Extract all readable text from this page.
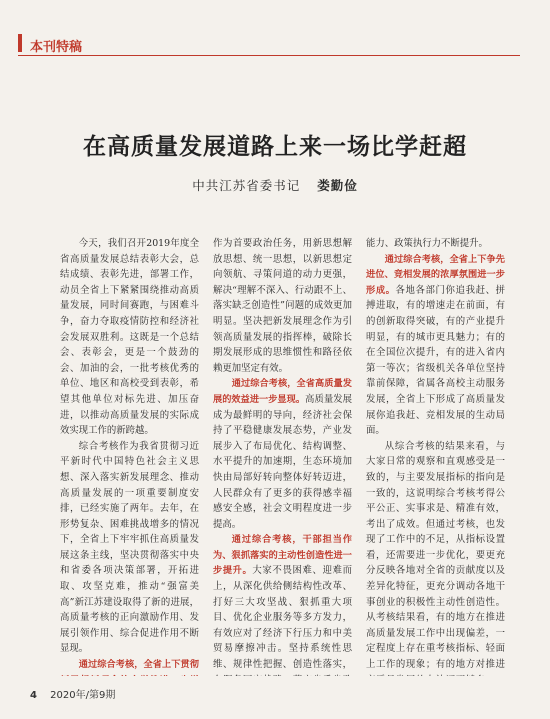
本刊特稿
在高质量发展道路上来一场比学赶超
中共江苏省委书记 娄勤俭

今天，我们召开2019年度全省高质量发展总结表彰大会，总结成绩、表彰先进，部署工作，动员全省上下紧紧围绕推动高质量发展，同时间赛跑，与困难斗争，奋力夺取疫情防控和经济社会发展双胜利。这既是一个总结会、表彰会，更是一个鼓劲的会、加油的会，一批考核优秀的单位、地区和高校受到表彰，希望其他单位对标先进、加压奋进，以推动高质量发展的实际成效实现工作的新跨越。

综合考核作为我省贯彻习近平新时代中国特色社会主义思想、深入落实新发展理念、推动高质量发展的一项重要制度安排，已经实施了两年。去年，在形势复杂、困难挑战增多的情况下，全省上下牢牢抓住高质量发展这条主线，坚决贯彻落实中央和省委各项决策部署，开拓进取、攻坚克难，推动“强富美高”新江苏建设取得了新的进展，高质量考核的正向激励作用、发展引领作用、综合促进作用不断显现。

通过综合考核，全省上下贯彻

作为首要政治任务，用新思想解放思想、统一思想，以新思想定向领航、寻策问道的动力更强，解决“理解不深入、行动跟不上、落实缺乏创造性”问题的成效更加明显。坚决把新发展理念作为引领高质量发展的指挥棒，破除长期发展形成的思维惯性和路径依赖更加坚定有效。

通过综合考核，全省高质量发展的效益进一步显现。高质量发展成为最鲜明的导向，经济社会保持了平稳健康发展态势，产业发展步入了布局优化、结构调整、水平提升的加速期，生态环境加快由局部好转向整体好转迈进，人民群众有了更多的获得感幸福感安全感，社会文明程度进一步提高。

通过综合考核，干部担当作为、狠抓落实的主动性创造性进一步提升。大家不畏困难、迎难而上，从深化供给侧结构性改革、打好三大攻坚战、狠抓重大项目、优化企业服务等多方发力，有效应对了经济下行压力和中美贸易摩擦冲击。坚持系统性思维、规律性把握、创造性落实，

能力、政策执行力不断提升。

通过综合考核，全省上下争先进位、竞相发展的浓厚氛围进一步形成。各地各部门你追我赶、拼搏进取，有的增速走在前面，有的创新取得突破，有的产业提升明显，有的城市更具魅力；有的在全国位次提升，有的进入省内第一等次；省级机关各单位坚持靠前保障，省属各高校主动服务发展，全省上下形成了高质量发展你追我赶、竞相发展的生动局面。

从综合考核的结果来看，与大家日常的观察和直观感受是一致的，与主要发展指标的指向是一致的，这说明综合考核考得公平公正、实事求是、精准有效，考出了成效。但通过考核，也发现了工作中的不足，从指标设置看，还需要进一步优化，要更充分反映各地对全省的贡献度以及差异化特征，更充分调动各地干事创业的积极性主动性创造性。从考核结果看，有的地方在推进高质量发展工作中出现偏差，一定程度上存在重考核指标、轻面上工作的现象；有的地方对推进

4 2020年/第9期
